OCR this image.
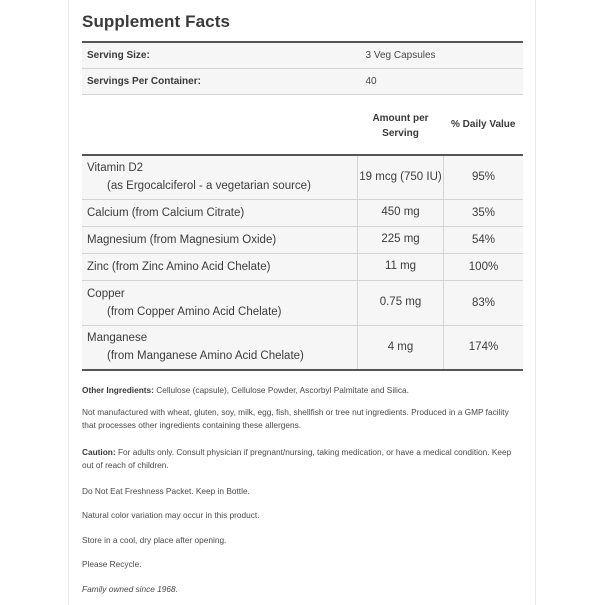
Supplement Facts
Serving Size:	3 Veg Capsules	
Servings Per Container:	40	
	Amount per Serving	% Daily Value
Vitamin D2
(as Ergocalciferol - a vegetarian source)	19 mcg (750 IU)	95%
Calcium (from Calcium Citrate)	450 mg	35%
Magnesium (from Magnesium Oxide)	225 mg	54%
Zinc (from Zinc Amino Acid Chelate)	11 mg	100%
Copper
(from Copper Amino Acid Chelate)	0.75 mg	83%
Manganese
(from Manganese Amino Acid Chelate)	4 mg	174%

Other Ingredients: Cellulose (capsule), Cellulose Powder, Ascorbyl Palmitate and Silica.

Not manufactured with wheat, gluten, soy, milk, egg, fish, shellfish or tree nut ingredients. Produced in a GMP facility that processes other ingredients containing these allergens.

Caution: For adults only. Consult physician if pregnant/nursing, taking medication, or have a medical condition. Keep out of reach of children.

Do Not Eat Freshness Packet. Keep in Bottle.

Natural color variation may occur in this product.

Store in a cool, dry place after opening.

Please Recycle.

Family owned since 1968.
